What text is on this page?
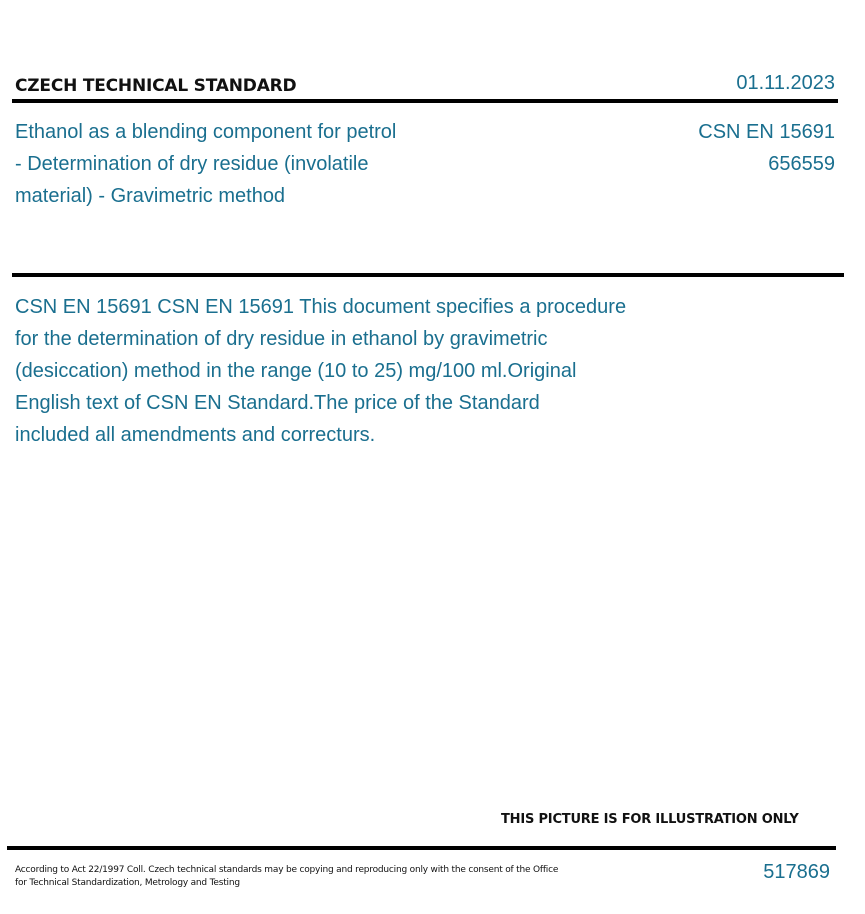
CZECH TECHNICAL STANDARD	01.11.2023
Ethanol as a blending component for petrol
- Determination of dry residue (involatile
material) - Gravimetric method
CSN EN 15691
656559
CSN EN 15691 CSN EN 15691 This document specifies a procedure
for the determination of dry residue in ethanol by gravimetric
(desiccation) method in the range (10 to 25) mg/100 ml.Original
English text of CSN EN Standard.The price of the Standard
included all amendments and correcturs.
THIS PICTURE IS FOR ILLUSTRATION ONLY
According to Act 22/1997 Coll. Czech technical standards may be copying and reproducing only with the consent of the Office
for Technical Standardization, Metrology and Testing	517869
